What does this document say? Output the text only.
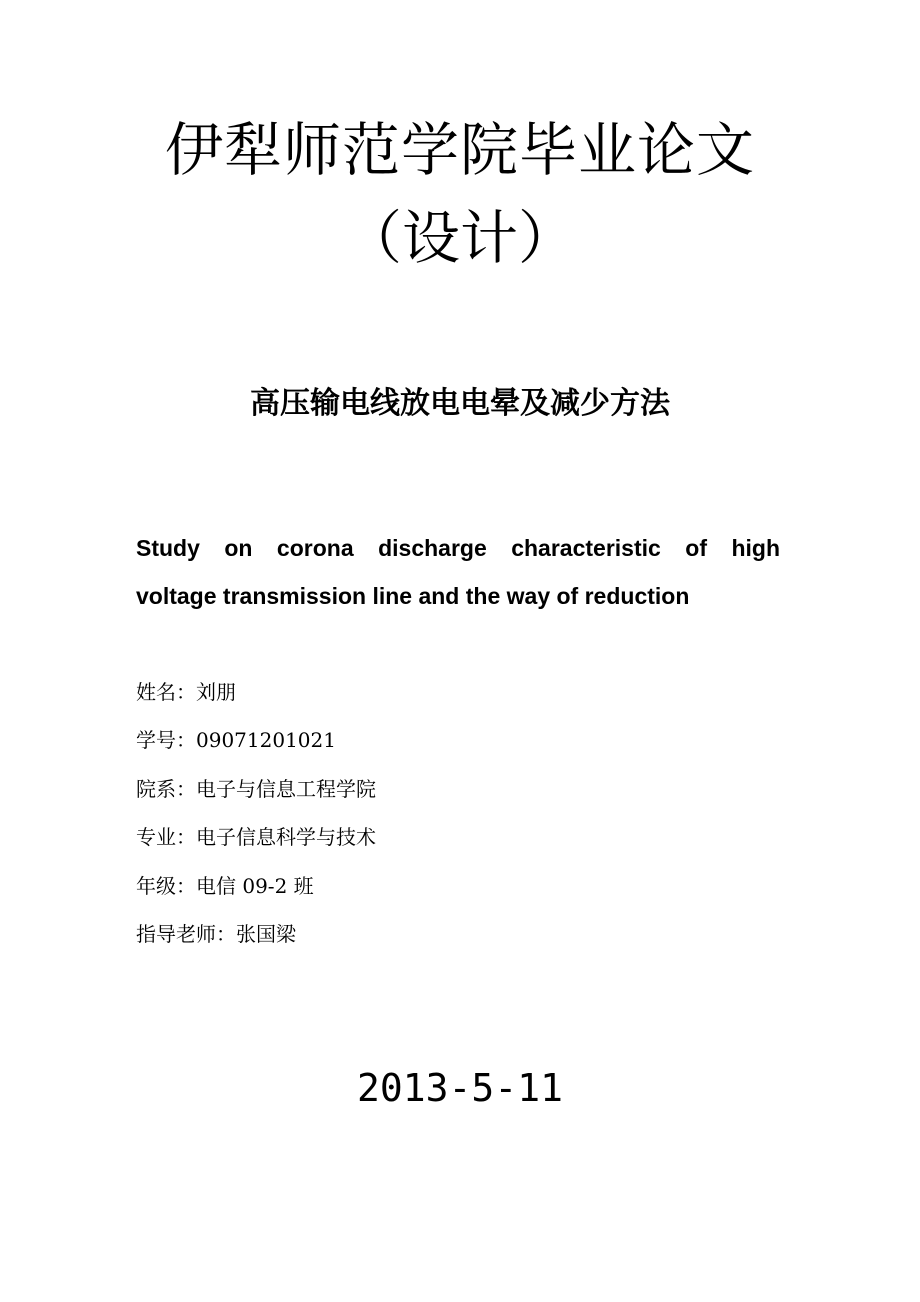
伊犁师范学院毕业论文
（设计）
高压输电线放电电晕及减少方法
Study on corona discharge characteristic of high
voltage transmission line and the way of reduction
姓名：刘朋
学号：09071201021
院系：电子与信息工程学院
专业：电子信息科学与技术
年级：电信 09-2 班
指导老师：张国梁
2013-5-11
